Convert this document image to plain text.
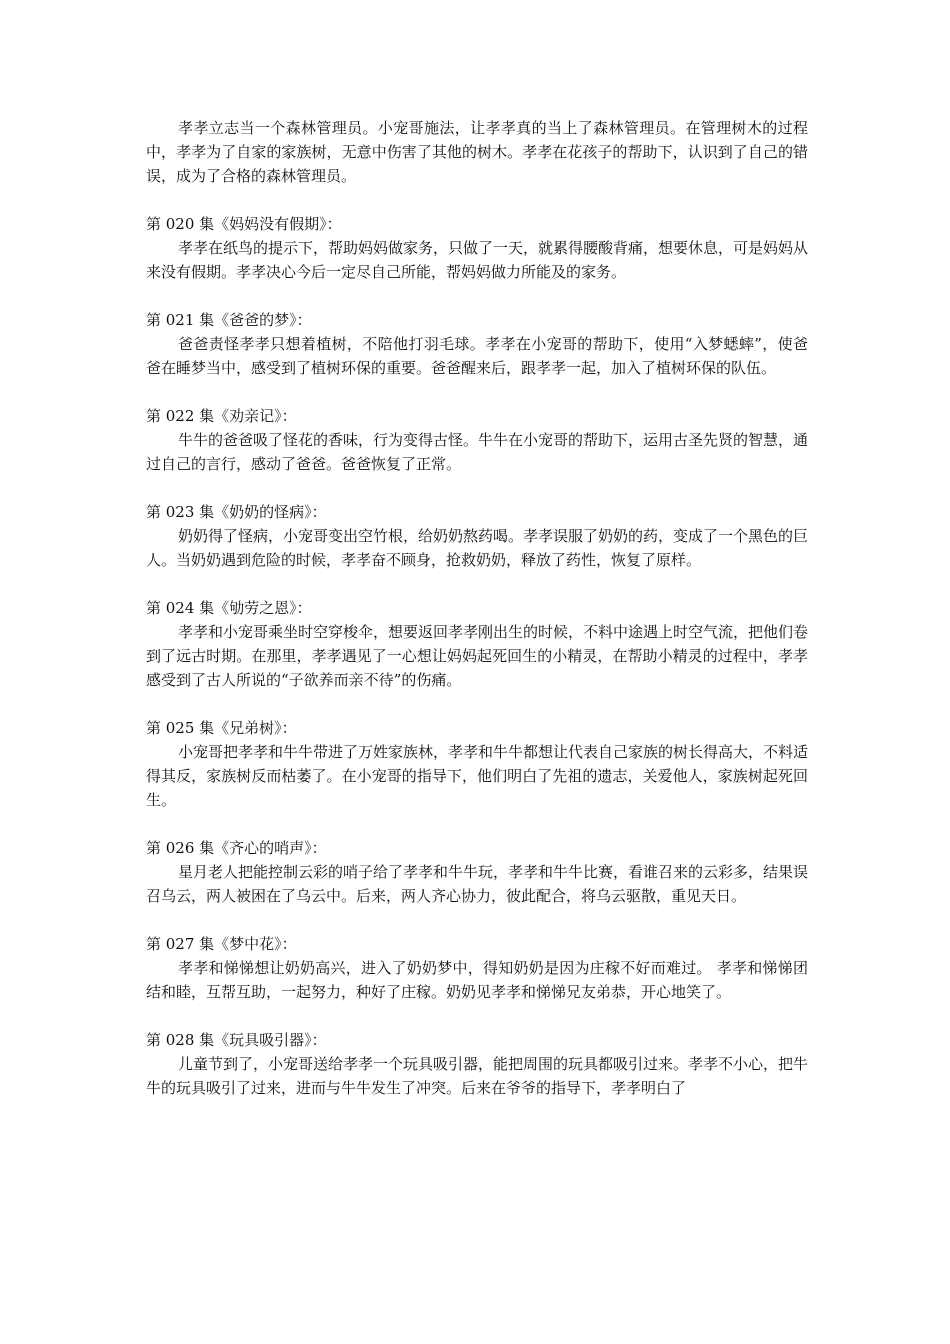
孝孝立志当一个森林管理员。小宠哥施法，让孝孝真的当上了森林管理员。在管理树木的过程中，孝孝为了自家的家族树，无意中伤害了其他的树木。孝孝在花孩子的帮助下，认识到了自己的错误，成为了合格的森林管理员。

第 020 集《妈妈没有假期》：

孝孝在纸鸟的提示下，帮助妈妈做家务，只做了一天，就累得腰酸背痛，想要休息，可是妈妈从来没有假期。孝孝决心今后一定尽自己所能，帮妈妈做力所能及的家务。

第 021 集《爸爸的梦》：

爸爸责怪孝孝只想着植树，不陪他打羽毛球。孝孝在小宠哥的帮助下，使用“入梦蟋蟀”，使爸爸在睡梦当中，感受到了植树环保的重要。爸爸醒来后，跟孝孝一起，加入了植树环保的队伍。

第 022 集《劝亲记》：

牛牛的爸爸吸了怪花的香味，行为变得古怪。牛牛在小宠哥的帮助下，运用古圣先贤的智慧，通过自己的言行，感动了爸爸。爸爸恢复了正常。

第 023 集《奶奶的怪病》：

奶奶得了怪病，小宠哥变出空竹根，给奶奶熬药喝。孝孝误服了奶奶的药，变成了一个黑色的巨人。当奶奶遇到危险的时候，孝孝奋不顾身，抢救奶奶，释放了药性，恢复了原样。

第 024 集《劬劳之恩》：

孝孝和小宠哥乘坐时空穿梭伞，想要返回孝孝刚出生的时候，不料中途遇上时空气流，把他们卷到了远古时期。在那里，孝孝遇见了一心想让妈妈起死回生的小精灵，在帮助小精灵的过程中，孝孝感受到了古人所说的“子欲养而亲不待”的伤痛。

第 025 集《兄弟树》：

小宠哥把孝孝和牛牛带进了万姓家族林，孝孝和牛牛都想让代表自己家族的树长得高大，不料适得其反，家族树反而枯萎了。在小宠哥的指导下，他们明白了先祖的遗志，关爱他人，家族树起死回生。

第 026 集《齐心的哨声》：

星月老人把能控制云彩的哨子给了孝孝和牛牛玩，孝孝和牛牛比赛，看谁召来的云彩多，结果误召乌云，两人被困在了乌云中。后来，两人齐心协力，彼此配合，将乌云驱散，重见天日。

第 027 集《梦中花》：

孝孝和悌悌想让奶奶高兴，进入了奶奶梦中，得知奶奶是因为庄稼不好而难过。 孝孝和悌悌团结和睦，互帮互助，一起努力，种好了庄稼。奶奶见孝孝和悌悌兄友弟恭，开心地笑了。

第 028 集《玩具吸引器》：

儿童节到了，小宠哥送给孝孝一个玩具吸引器，能把周围的玩具都吸引过来。孝孝不小心，把牛牛的玩具吸引了过来，进而与牛牛发生了冲突。后来在爷爷的指导下，孝孝明白了
